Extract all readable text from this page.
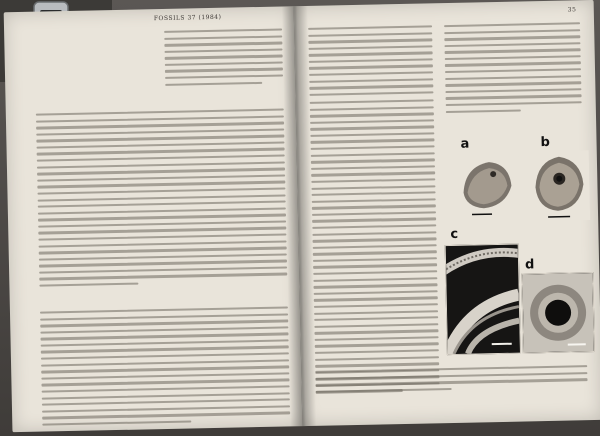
FOSSILS 37 (1984)
35
a	b
c
d
